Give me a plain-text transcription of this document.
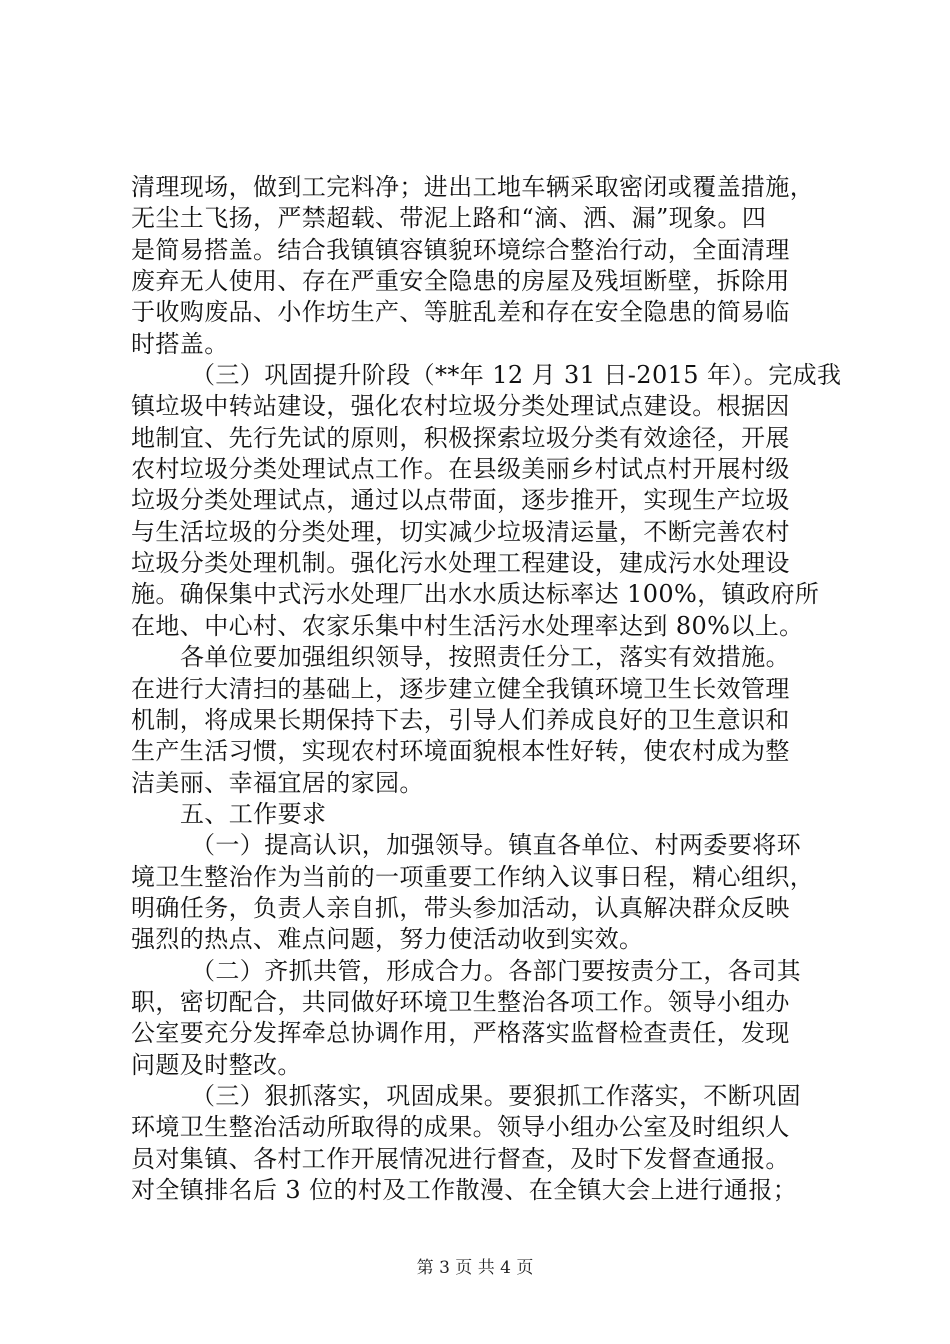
清理现场，做到工完料净；进出工地车辆采取密闭或覆盖措施，
无尘土飞扬，严禁超载、带泥上路和“滴、洒、漏”现象。四
是简易搭盖。结合我镇镇容镇貌环境综合整治行动，全面清理
废弃无人使用、存在严重安全隐患的房屋及残垣断壁，拆除用
于收购废品、小作坊生产、等脏乱差和存在安全隐患的简易临
时搭盖。
（三）巩固提升阶段（**年 12 月 31 日-2015 年）。完成我
镇垃圾中转站建设，强化农村垃圾分类处理试点建设。根据因
地制宜、先行先试的原则，积极探索垃圾分类有效途径，开展
农村垃圾分类处理试点工作。在县级美丽乡村试点村开展村级
垃圾分类处理试点，通过以点带面，逐步推开，实现生产垃圾
与生活垃圾的分类处理，切实减少垃圾清运量，不断完善农村
垃圾分类处理机制。强化污水处理工程建设，建成污水处理设
施。确保集中式污水处理厂出水水质达标率达 100%，镇政府所
在地、中心村、农家乐集中村生活污水处理率达到 80%以上。
各单位要加强组织领导，按照责任分工，落实有效措施。
在进行大清扫的基础上，逐步建立健全我镇环境卫生长效管理
机制，将成果长期保持下去，引导人们养成良好的卫生意识和
生产生活习惯，实现农村环境面貌根本性好转，使农村成为整
洁美丽、幸福宜居的家园。
五、工作要求
（一）提高认识，加强领导。镇直各单位、村两委要将环
境卫生整治作为当前的一项重要工作纳入议事日程，精心组织，
明确任务，负责人亲自抓，带头参加活动，认真解决群众反映
强烈的热点、难点问题，努力使活动收到实效。
（二）齐抓共管，形成合力。各部门要按责分工，各司其
职，密切配合，共同做好环境卫生整治各项工作。领导小组办
公室要充分发挥牵总协调作用，严格落实监督检查责任，发现
问题及时整改。
（三）狠抓落实，巩固成果。要狠抓工作落实，不断巩固
环境卫生整治活动所取得的成果。领导小组办公室及时组织人
员对集镇、各村工作开展情况进行督查，及时下发督查通报。
对全镇排名后 3 位的村及工作散漫、在全镇大会上进行通报；
第 3 页 共 4 页
